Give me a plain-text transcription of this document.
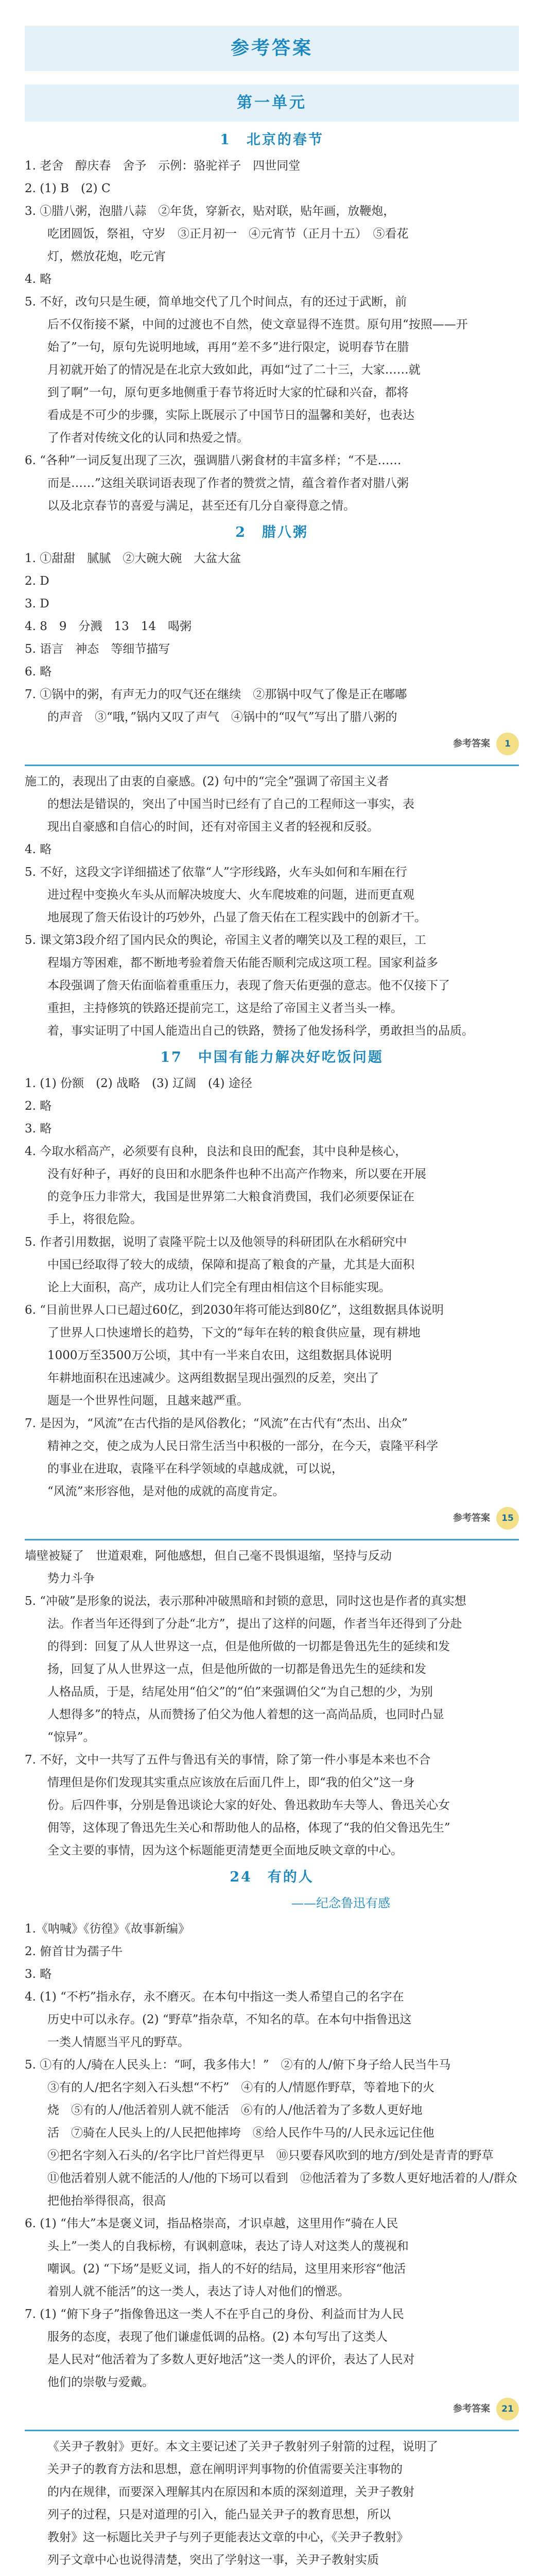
参考答案
第一单元
1　北京的春节

1. 老舍　醇庆春　舍予　示例：骆驼祥子　四世同堂

2. (1) B　(2) C

3. ①腊八粥，泡腊八蒜　②年货，穿新衣，贴对联，贴年画，放鞭炮，

吃团圆饭，祭祖，守岁　③正月初一　④元宵节（正月十五）　⑤看花

灯，燃放花炮，吃元宵

4. 略

5. 不好，改句只是生硬，简单地交代了几个时间点，有的还过于武断，前

后不仅衔接不紧，中间的过渡也不自然，使文章显得不连贯。原句用“按照——开

始了”一句，原句先说明地域，再用“差不多”进行限定，说明春节在腊

月初就开始了的情况是在北京大致如此，再如“过了二十三，大家……就

到了啊”一句，原句更多地侧重于春节将近时大家的忙碌和兴奋，都将

看成是不可少的步骤，实际上既展示了中国节日的温馨和美好，也表达

了作者对传统文化的认同和热爱之情。

6. “各种”一词反复出现了三次，强调腊八粥食材的丰富多样；“不是……

而是……”这组关联词语表现了作者的赞赏之情，蕴含着作者对腊八粥

以及北京春节的喜爱与满足，甚至还有几分自豪得意之情。

2　腊八粥

1. ①甜甜　腻腻　②大碗大碗　大盆大盆

2. D

3. D

4. 8　9　分溅　13　14　喝粥

5. 语言　神态　等细节描写

6. 略

7. ①锅中的粥，有声无力的叹气还在继续　②那锅中叹气了像是正在嘟嘟

的声音　③“哦，”锅内又叹了声气　④锅中的“叹气”写出了腊八粥的

参考答案	1

施工的，表现出了由衷的自豪感。(2) 句中的“完全”强调了帝国主义者

的想法是错误的，突出了中国当时已经有了自己的工程师这一事实，表

现出自豪感和自信心的时间，还有对帝国主义者的轻视和反驳。

4. 略

5. 不好，这段文字详细描述了依靠“人”字形线路，火车头如何和车厢在行

进过程中变换火车头从而解决坡度大、火车爬坡难的问题，进而更直观

地展现了詹天佑设计的巧妙外，凸显了詹天佑在工程实践中的创新才干。

5. 课文第3段介绍了国内民众的舆论，帝国主义者的嘲笑以及工程的艰巨，工

程塌方等困难，都不断地考验着詹天佑能否顺利完成这项工程。国家利益多

本段强调了詹天佑面临着重重压力，表现了詹天佑更强的意志。他不仅接下了

重担，主持修筑的铁路还提前完工，这是给了帝国主义者当头一棒。

着，事实证明了中国人能造出自己的铁路，赞扬了他发扬科学，勇敢担当的品质。

17　中国有能力解决好吃饭问题

1. (1) 份额　(2) 战略　(3) 辽阔　(4) 途径

2. 略

3. 略

4. 今取水稻高产，必须要有良种，良法和良田的配套，其中良种是核心，

没有好种子，再好的良田和水肥条件也种不出高产作物来，所以要在开展

的竞争压力非常大，我国是世界第二大粮食消费国，我们必须要保证在

手上，将很危险。

5. 作者引用数据，说明了袁隆平院士以及他领导的科研团队在水稻研究中

中国已经取得了较大的成绩，保障和提高了粮食的产量，尤其是大面积

论上大面积，高产，成功让人们完全有理由相信这个目标能实现。

6. “目前世界人口已超过60亿，到2030年将可能达到80亿”，这组数据具体说明

了世界人口快速增长的趋势，下文的“每年在转的粮食供应量，现有耕地

1000万至3500万公顷，其中有一半来自农田，这组数据具体说明

年耕地面积在迅速减少。这两组数据呈现出强烈的反差，突出了

题是一个世界性问题，且越来越严重。

7. 是因为，“风流”在古代指的是风俗教化；“风流”在古代有“杰出、出众”

精神之交，使之成为人民日常生活当中积极的一部分，在今天，袁隆平科学

的事业在进取，袁隆平在科学领域的卓越成就，可以说，

“风流”来形容他，是对他的成就的高度肯定。

参考答案	15

墙壁被疑了　世道艰难，阿他感想，但自己毫不畏惧退缩，坚持与反动

势力斗争

5. “冲破”是形象的说法，表示那种冲破黑暗和封锁的意思，同时这也是作者的真实想

法。作者当年还得到了分赴“北方”，提出了这样的问题，作者当年还得到了分赴

的得到：回复了从人世界这一点，但是他所做的一切都是鲁迅先生的延续和发

扬，回复了从人世界这一点，但是他所做的一切都是鲁迅先生的延续和发

人格品质，于是，结尾处用“伯父”的“伯”来强调伯父“为自己想的少，为别

人想得多”的特点，从而赞扬了伯父为他人着想的这一高尚品质，也同时凸显

“惊异”。

7. 不好，文中一共写了五件与鲁迅有关的事情，除了第一件小事是本来也不合

情理但是你们发现其实重点应该放在后面几件上，即“我的伯父”这一身

份。后四件事，分别是鲁迅谈论大家的好处、鲁迅救助车夫等人、鲁迅关心女

佣等，这体现了鲁迅先生关心和帮助他人的品格，体现了“我的伯父鲁迅先生”

全文主要的事情，因为这个标题能更清楚更全面地反映文章的中心。

24　有的人
——纪念鲁迅有感

1.《呐喊》《彷徨》《故事新编》

2. 俯首甘为孺子牛

3. 略

4. (1) “不朽”指永存，永不磨灭。在本句中指这一类人希望自己的名字在

历史中可以永存。(2) “野草”指杂草，不知名的草。在本句中指鲁迅这

一类人情愿当平凡的野草。

5. ①有的人/骑在人民头上：“呵，我多伟大！”　②有的人/俯下身子给人民当牛马

③有的人/把名字刻入石头想“不朽”　④有的人/情愿作野草，等着地下的火

烧　⑤有的人/他活着别人就不能活　⑥有的人/他活着为了多数人更好地

活　⑦骑在人民头上的/人民把他摔垮　⑧给人民作牛马的/人民永远记住他

⑨把名字刻入石头的/名字比尸首烂得更早　⑩只要春风吹到的地方/到处是青青的野草

⑪他活着别人就不能活的人/他的下场可以看到　⑫他活着为了多数人更好地活着的人/群众把他抬举得很高，很高

6. (1) “伟大”本是褒义词，指品格崇高，才识卓越，这里用作“骑在人民

头上”一类人的自我标榜，有讽刺意味，表达了诗人对这类人的蔑视和

嘲讽。(2) “下场”是贬义词，指人的不好的结局，这里用来形容“他活

着别人就不能活”的这一类人，表达了诗人对他们的憎恶。

7. (1) “俯下身子”指像鲁迅这一类人不在乎自己的身份、利益而甘为人民

服务的态度，表现了他们谦虚低调的品格。(2) 本句写出了这类人

是人民对“他活着为了多数人更好地活”这一类人的评价，表达了人民对

他们的崇敬与爱戴。

参考答案	21

《关尹子教射》更好。本文主要记述了关尹子教射列子射箭的过程，说明了

关尹子的教育方法和思想，意在阐明评判事物的价值需要关注事物的

的内在规律，而要深入理解其内在原因和本质的深刻道理，关尹子教射

列子的过程，只是对道理的引入，能凸显关尹子的教育思想，所以

教射》这一标题比关尹子与列子更能表达文章的中心，《关尹子教射》

列子文章中心也说得清楚，突出了学射这一事，关尹子教射实质
